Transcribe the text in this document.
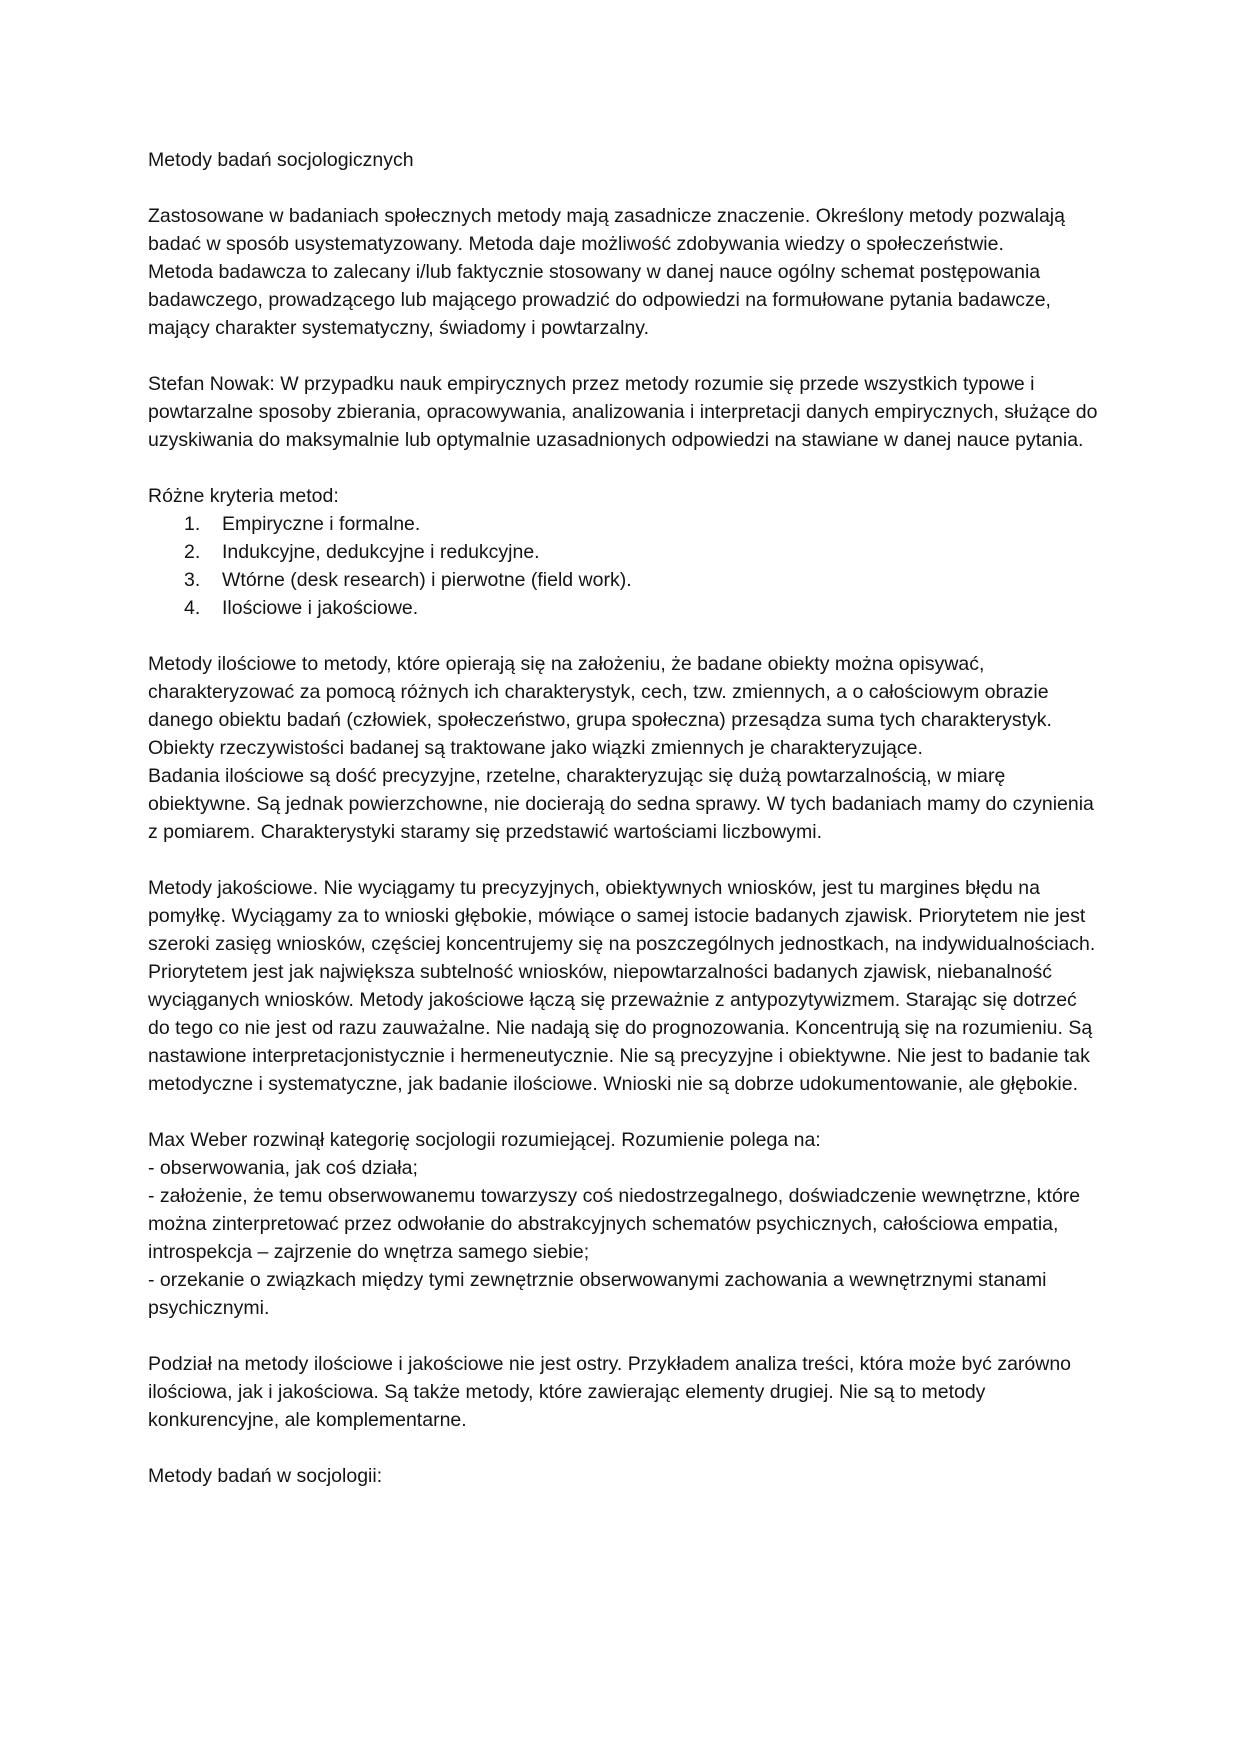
Metody badań socjologicznych

Zastosowane w badaniach społecznych metody mają zasadnicze znaczenie. Określony metody pozwalają badać w sposób usystematyzowany. Metoda daje możliwość zdobywania wiedzy o społeczeństwie.

Metoda badawcza to zalecany i/lub faktycznie stosowany w danej nauce ogólny schemat postępowania badawczego, prowadzącego lub mającego prowadzić do odpowiedzi na formułowane pytania badawcze, mający charakter systematyczny, świadomy i powtarzalny.

Stefan Nowak: W przypadku nauk empirycznych przez metody rozumie się przede wszystkich typowe i powtarzalne sposoby zbierania, opracowywania, analizowania i interpretacji danych empirycznych, służące do uzyskiwania do maksymalnie lub optymalnie uzasadnionych odpowiedzi na stawiane w danej nauce pytania.

Różne kryteria metod:

1. Empiryczne i formalne.
2. Indukcyjne, dedukcyjne i redukcyjne.
3. Wtórne (desk research) i pierwotne (field work).
4. Ilościowe i jakościowe.

Metody ilościowe to metody, które opierają się na założeniu, że badane obiekty można opisywać, charakteryzować za pomocą różnych ich charakterystyk, cech, tzw. zmiennych, a o całościowym obrazie danego obiektu badań (człowiek, społeczeństwo, grupa społeczna) przesądza suma tych charakterystyk. Obiekty rzeczywistości badanej są traktowane jako wiązki zmiennych je charakteryzujące.

Badania ilościowe są dość precyzyjne, rzetelne, charakteryzując się dużą powtarzalnością, w miarę obiektywne. Są jednak powierzchowne, nie docierają do sedna sprawy. W tych badaniach mamy do czynienia z pomiarem. Charakterystyki staramy się przedstawić wartościami liczbowymi.

Metody jakościowe. Nie wyciągamy tu precyzyjnych, obiektywnych wniosków, jest tu margines błędu na pomyłkę. Wyciągamy za to wnioski głębokie, mówiące o samej istocie badanych zjawisk. Priorytetem nie jest szeroki zasięg wniosków, częściej koncentrujemy się na poszczególnych jednostkach, na indywidualnościach. Priorytetem jest jak największa subtelność wniosków, niepowtarzalności badanych zjawisk, niebanalność wyciąganych wniosków. Metody jakościowe łączą się przeważnie z antypozytywizmem. Starając się dotrzeć do tego co nie jest od razu zauważalne. Nie nadają się do prognozowania. Koncentrują się na rozumieniu. Są nastawione interpretacjonistycznie i hermeneutycznie. Nie są precyzyjne i obiektywne. Nie jest to badanie tak metodyczne i systematyczne, jak badanie ilościowe. Wnioski nie są dobrze udokumentowanie, ale głębokie.

Max Weber rozwinął kategorię socjologii rozumiejącej. Rozumienie polega na:

- obserwowania, jak coś działa;

- założenie, że temu obserwowanemu towarzyszy coś niedostrzegalnego, doświadczenie wewnętrzne, które można zinterpretować przez odwołanie do abstrakcyjnych schematów psychicznych, całościowa empatia, introspekcja – zajrzenie do wnętrza samego siebie;

- orzekanie o związkach między tymi zewnętrznie obserwowanymi zachowania a wewnętrznymi stanami psychicznymi.

Podział na metody ilościowe i jakościowe nie jest ostry. Przykładem analiza treści, która może być zarówno ilościowa, jak i jakościowa. Są także metody, które zawierając elementy drugiej. Nie są to metody konkurencyjne, ale komplementarne.

Metody badań w socjologii:
